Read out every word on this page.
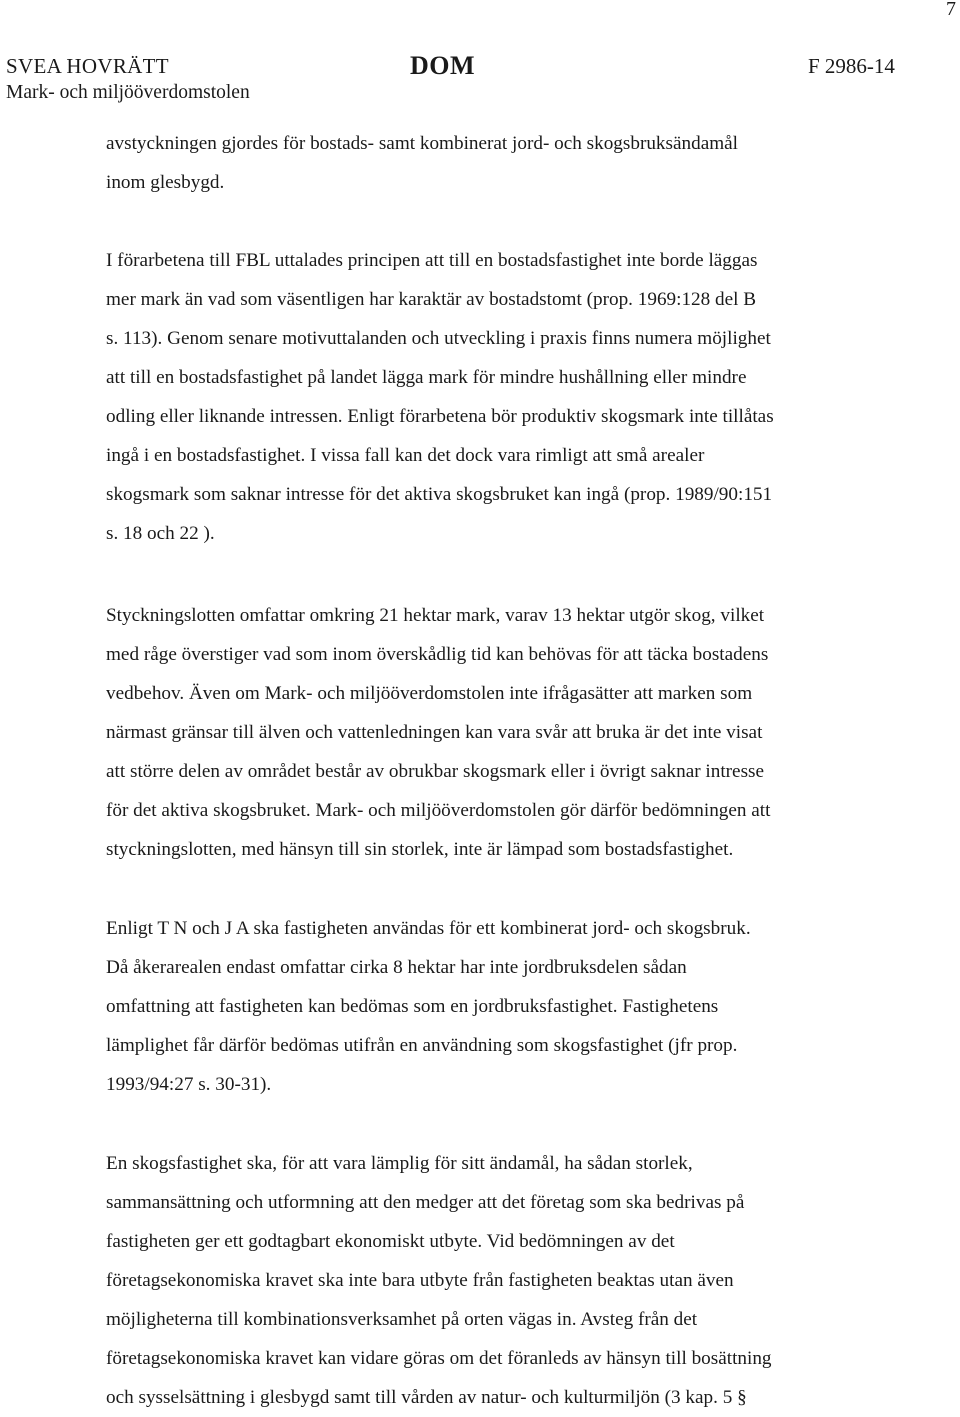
7
SVEA HOVRÄTT
Mark- och miljööverdomstolen
DOM	F 2986-14
avstyckningen gjordes för bostads- samt kombinerat jord- och skogsbruksändamål
inom glesbygd.
I förarbetena till FBL uttalades principen att till en bostadsfastighet inte borde läggas
mer mark än vad som väsentligen har karaktär av bostadstomt (prop. 1969:128 del B
s. 113). Genom senare motivuttalanden och utveckling i praxis finns numera möjlighet
att till en bostadsfastighet på landet lägga mark för mindre hushållning eller mindre
odling eller liknande intressen. Enligt förarbetena bör produktiv skogsmark inte tillåtas
ingå i en bostadsfastighet. I vissa fall kan det dock vara rimligt att små arealer
skogsmark som saknar intresse för det aktiva skogsbruket kan ingå (prop. 1989/90:151
s. 18 och 22 ).
Styckningslotten omfattar omkring 21 hektar mark, varav 13 hektar utgör skog, vilket
med råge överstiger vad som inom överskådlig tid kan behövas för att täcka bostadens
vedbehov. Även om Mark- och miljööverdomstolen inte ifrågasätter att marken som
närmast gränsar till älven och vattenledningen kan vara svår att bruka är det inte visat
att större delen av området består av obrukbar skogsmark eller i övrigt saknar intresse
för det aktiva skogsbruket. Mark- och miljööverdomstolen gör därför bedömningen att
styckningslotten, med hänsyn till sin storlek, inte är lämpad som bostadsfastighet.
Enligt T N och J A ska fastigheten användas för ett kombinerat jord- och skogsbruk.
Då åkerarealen endast omfattar cirka 8 hektar har inte jordbruksdelen sådan
omfattning att fastigheten kan bedömas som en jordbruksfastighet. Fastighetens
lämplighet får därför bedömas utifrån en användning som skogsfastighet (jfr prop.
1993/94:27 s. 30-31).
En skogsfastighet ska, för att vara lämplig för sitt ändamål, ha sådan storlek,
sammansättning och utformning att den medger att det företag som ska bedrivas på
fastigheten ger ett godtagbart ekonomiskt utbyte. Vid bedömningen av det
företagsekonomiska kravet ska inte bara utbyte från fastigheten beaktas utan även
möjligheterna till kombinationsverksamhet på orten vägas in. Avsteg från det
företagsekonomiska kravet kan vidare göras om det föranleds av hänsyn till bosättning
och sysselsättning i glesbygd samt till vården av natur- och kulturmiljön (3 kap. 5 §
